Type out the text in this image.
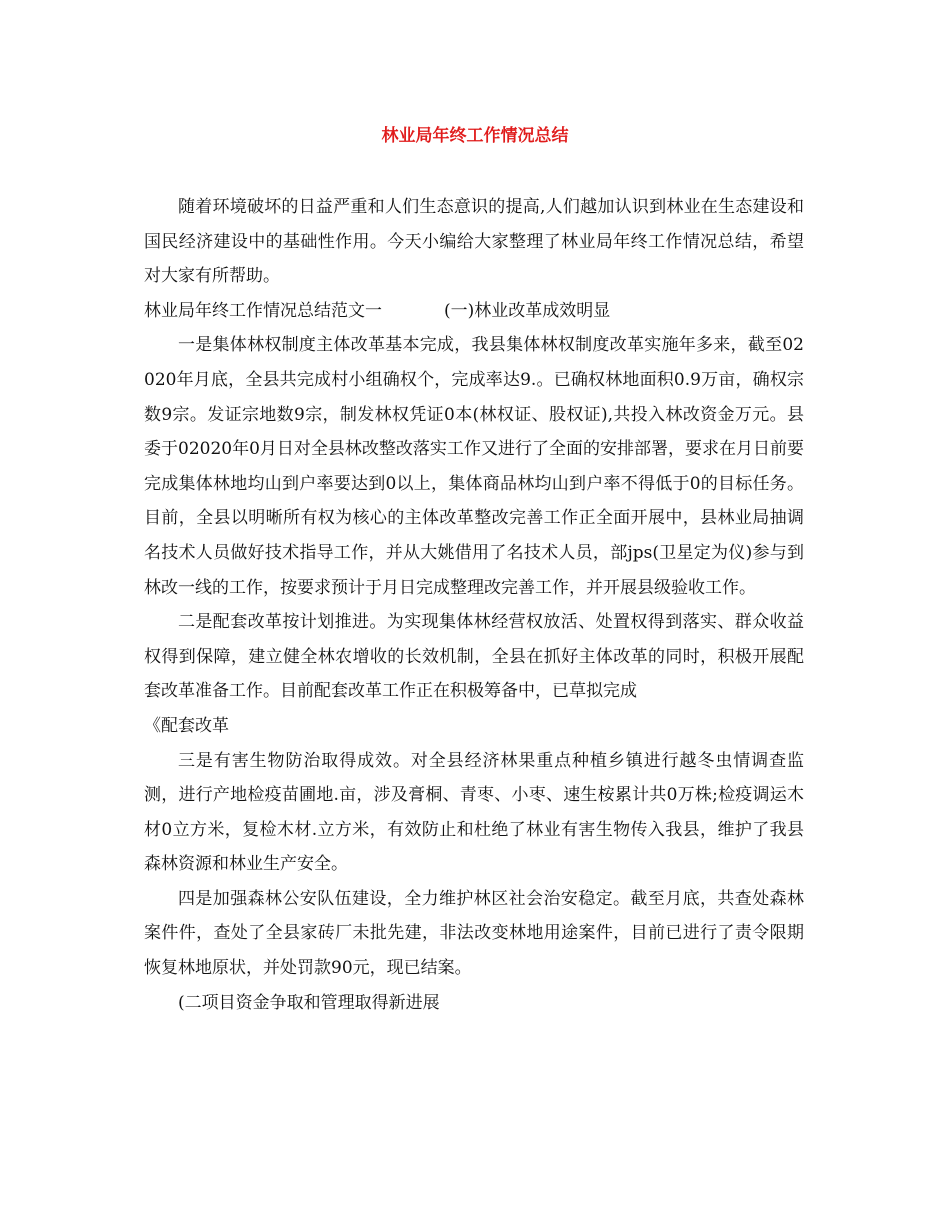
林业局年终工作情况总结

随着环境破坏的日益严重和人们生态意识的提高,人们越加认识到林业在生态建设和国民经济建设中的基础性作用。今天小编给大家整理了林业局年终工作情况总结，希望对大家有所帮助。

林业局年终工作情况总结范文一	(一)林业改革成效明显

一是集体林权制度主体改革基本完成，我县集体林权制度改革实施年多来，截至02020年月底，全县共完成村小组确权个，完成率达9.。已确权林地面积0.9万亩，确权宗数9宗。发证宗地数9宗，制发林权凭证0本(林权证、股权证),共投入林改资金万元。县委于02020年0月日对全县林改整改落实工作又进行了全面的安排部署，要求在月日前要完成集体林地均山到户率要达到0以上，集体商品林均山到户率不得低于0的目标任务。目前，全县以明晰所有权为核心的主体改革整改完善工作正全面开展中，县林业局抽调名技术人员做好技术指导工作，并从大姚借用了名技术人员，部jps(卫星定为仪)参与到林改一线的工作，按要求预计于月日完成整理改完善工作，并开展县级验收工作。

二是配套改革按计划推进。为实现集体林经营权放活、处置权得到落实、群众收益权得到保障，建立健全林农增收的长效机制，全县在抓好主体改革的同时，积极开展配套改革准备工作。目前配套改革工作正在积极筹备中，已草拟完成

《配套改革

三是有害生物防治取得成效。对全县经济林果重点种植乡镇进行越冬虫情调查监测，进行产地检疫苗圃地.亩，涉及膏桐、青枣、小枣、速生桉累计共0万株;检疫调运木材0立方米，复检木材.立方米，有效防止和杜绝了林业有害生物传入我县，维护了我县森林资源和林业生产安全。

四是加强森林公安队伍建设，全力维护林区社会治安稳定。截至月底，共查处森林案件件，查处了全县家砖厂未批先建，非法改变林地用途案件，目前已进行了责令限期恢复林地原状，并处罚款90元，现已结案。

(二项目资金争取和管理取得新进展
